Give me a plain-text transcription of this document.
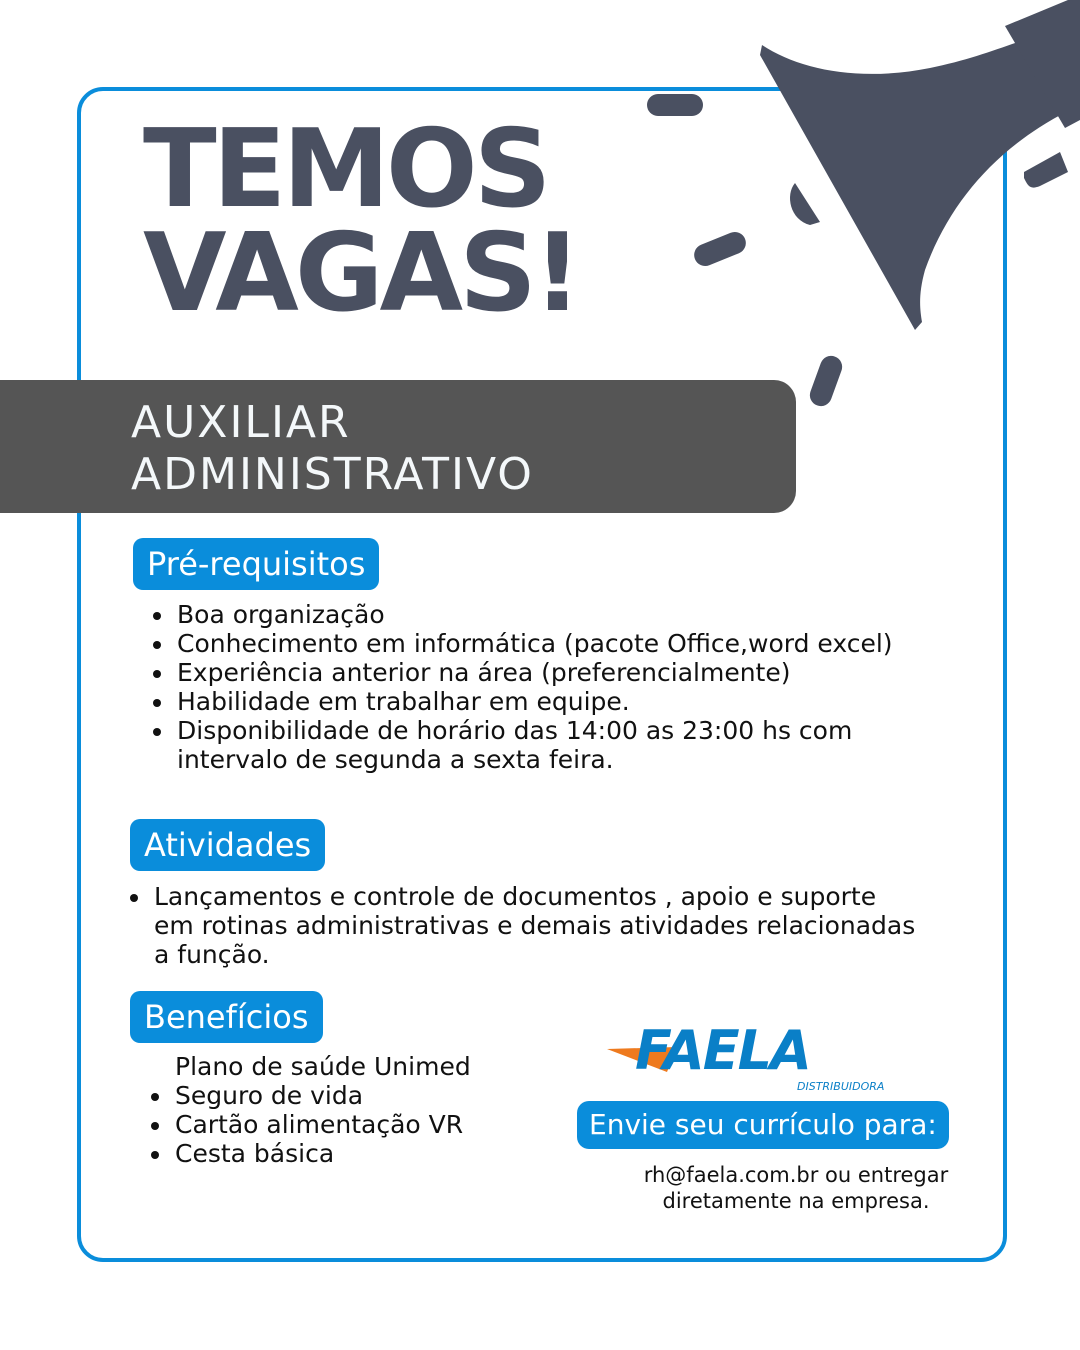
TEMOS
VAGAS!
AUXILIAR
ADMINISTRATIVO
Pré-requisitos
Boa organização
Conhecimento em informática (pacote Office,word excel)
Experiência anterior na área (preferencialmente)
Habilidade em trabalhar em equipe.
Disponibilidade de horário das 14:00 as 23:00 hs com intervalo de segunda a sexta feira.
Atividades
Lançamentos e controle de documentos , apoio e suporte em rotinas administrativas e demais atividades relacionadas a função.
Benefícios
Plano de saúde Unimed
Seguro de vida
Cartão alimentação VR
Cesta básica
FAELA
DISTRIBUIDORA
Envie seu currículo para:
rh@faela.com.br ou entregar
diretamente na empresa.
